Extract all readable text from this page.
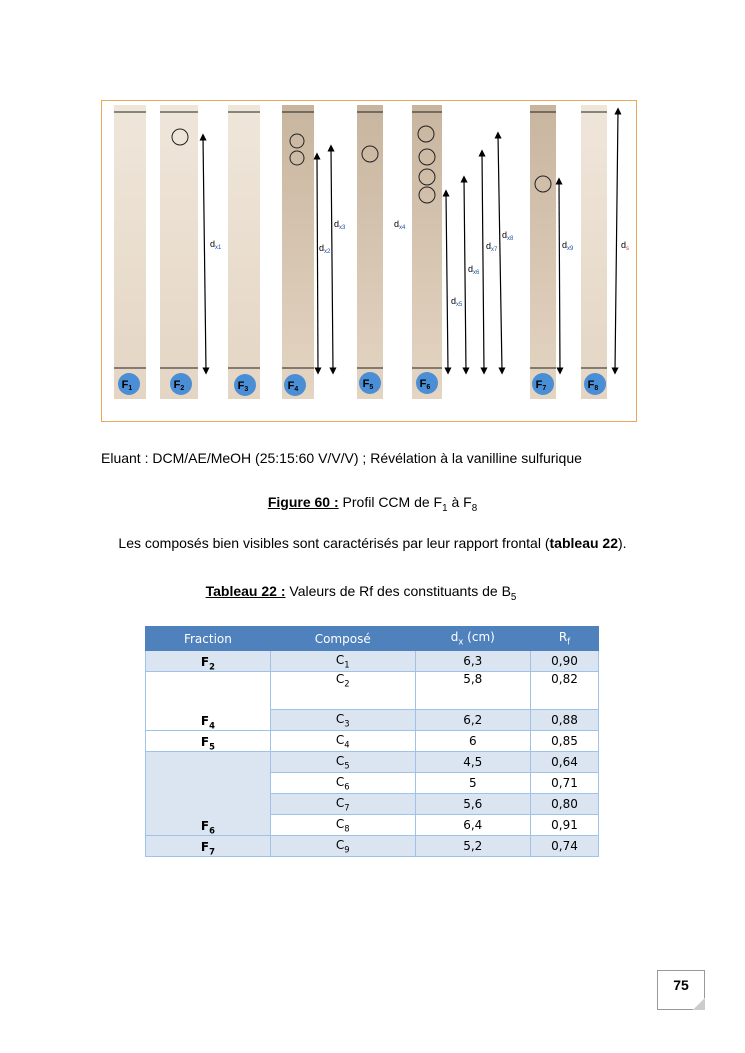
$d_{x1}$
$d_{x3}$
$d_{x2}$
$d_{x4}$
$d_{x5}$
$d_{x6}$
$d_{x7}$
$d_{x8}$
$d_{x9}$	$d_s$
F1	F2	F3	F4	F5	F6	F7	F8
Eluant : DCM/AE/MeOH (25:15:60 V/V/V) ; Révélation à la vanilline sulfurique
Figure 60 : Profil CCM de $F_1$ à $F_8$
Les composés bien visibles sont caractérisés par leur rapport frontal (tableau 22).
Tableau 22 : Valeurs de Rf des constituants de $B_5$
Fraction	Composé	$d_x$ (cm)	$R_f$
$F_2$	$C_1$	6,3	0,90
$F_4$	$C_2$	5,8	0,82
	$C_3$	6,2	0,88
$F_5$	$C_4$	6	0,85
$F_6$	$C_5$	4,5	0,64
	$C_6$	5	0,71
	$C_7$	5,6	0,80
	$C_8$	6,4	0,91
$F_7$	$C_9$	5,2	0,74
75
